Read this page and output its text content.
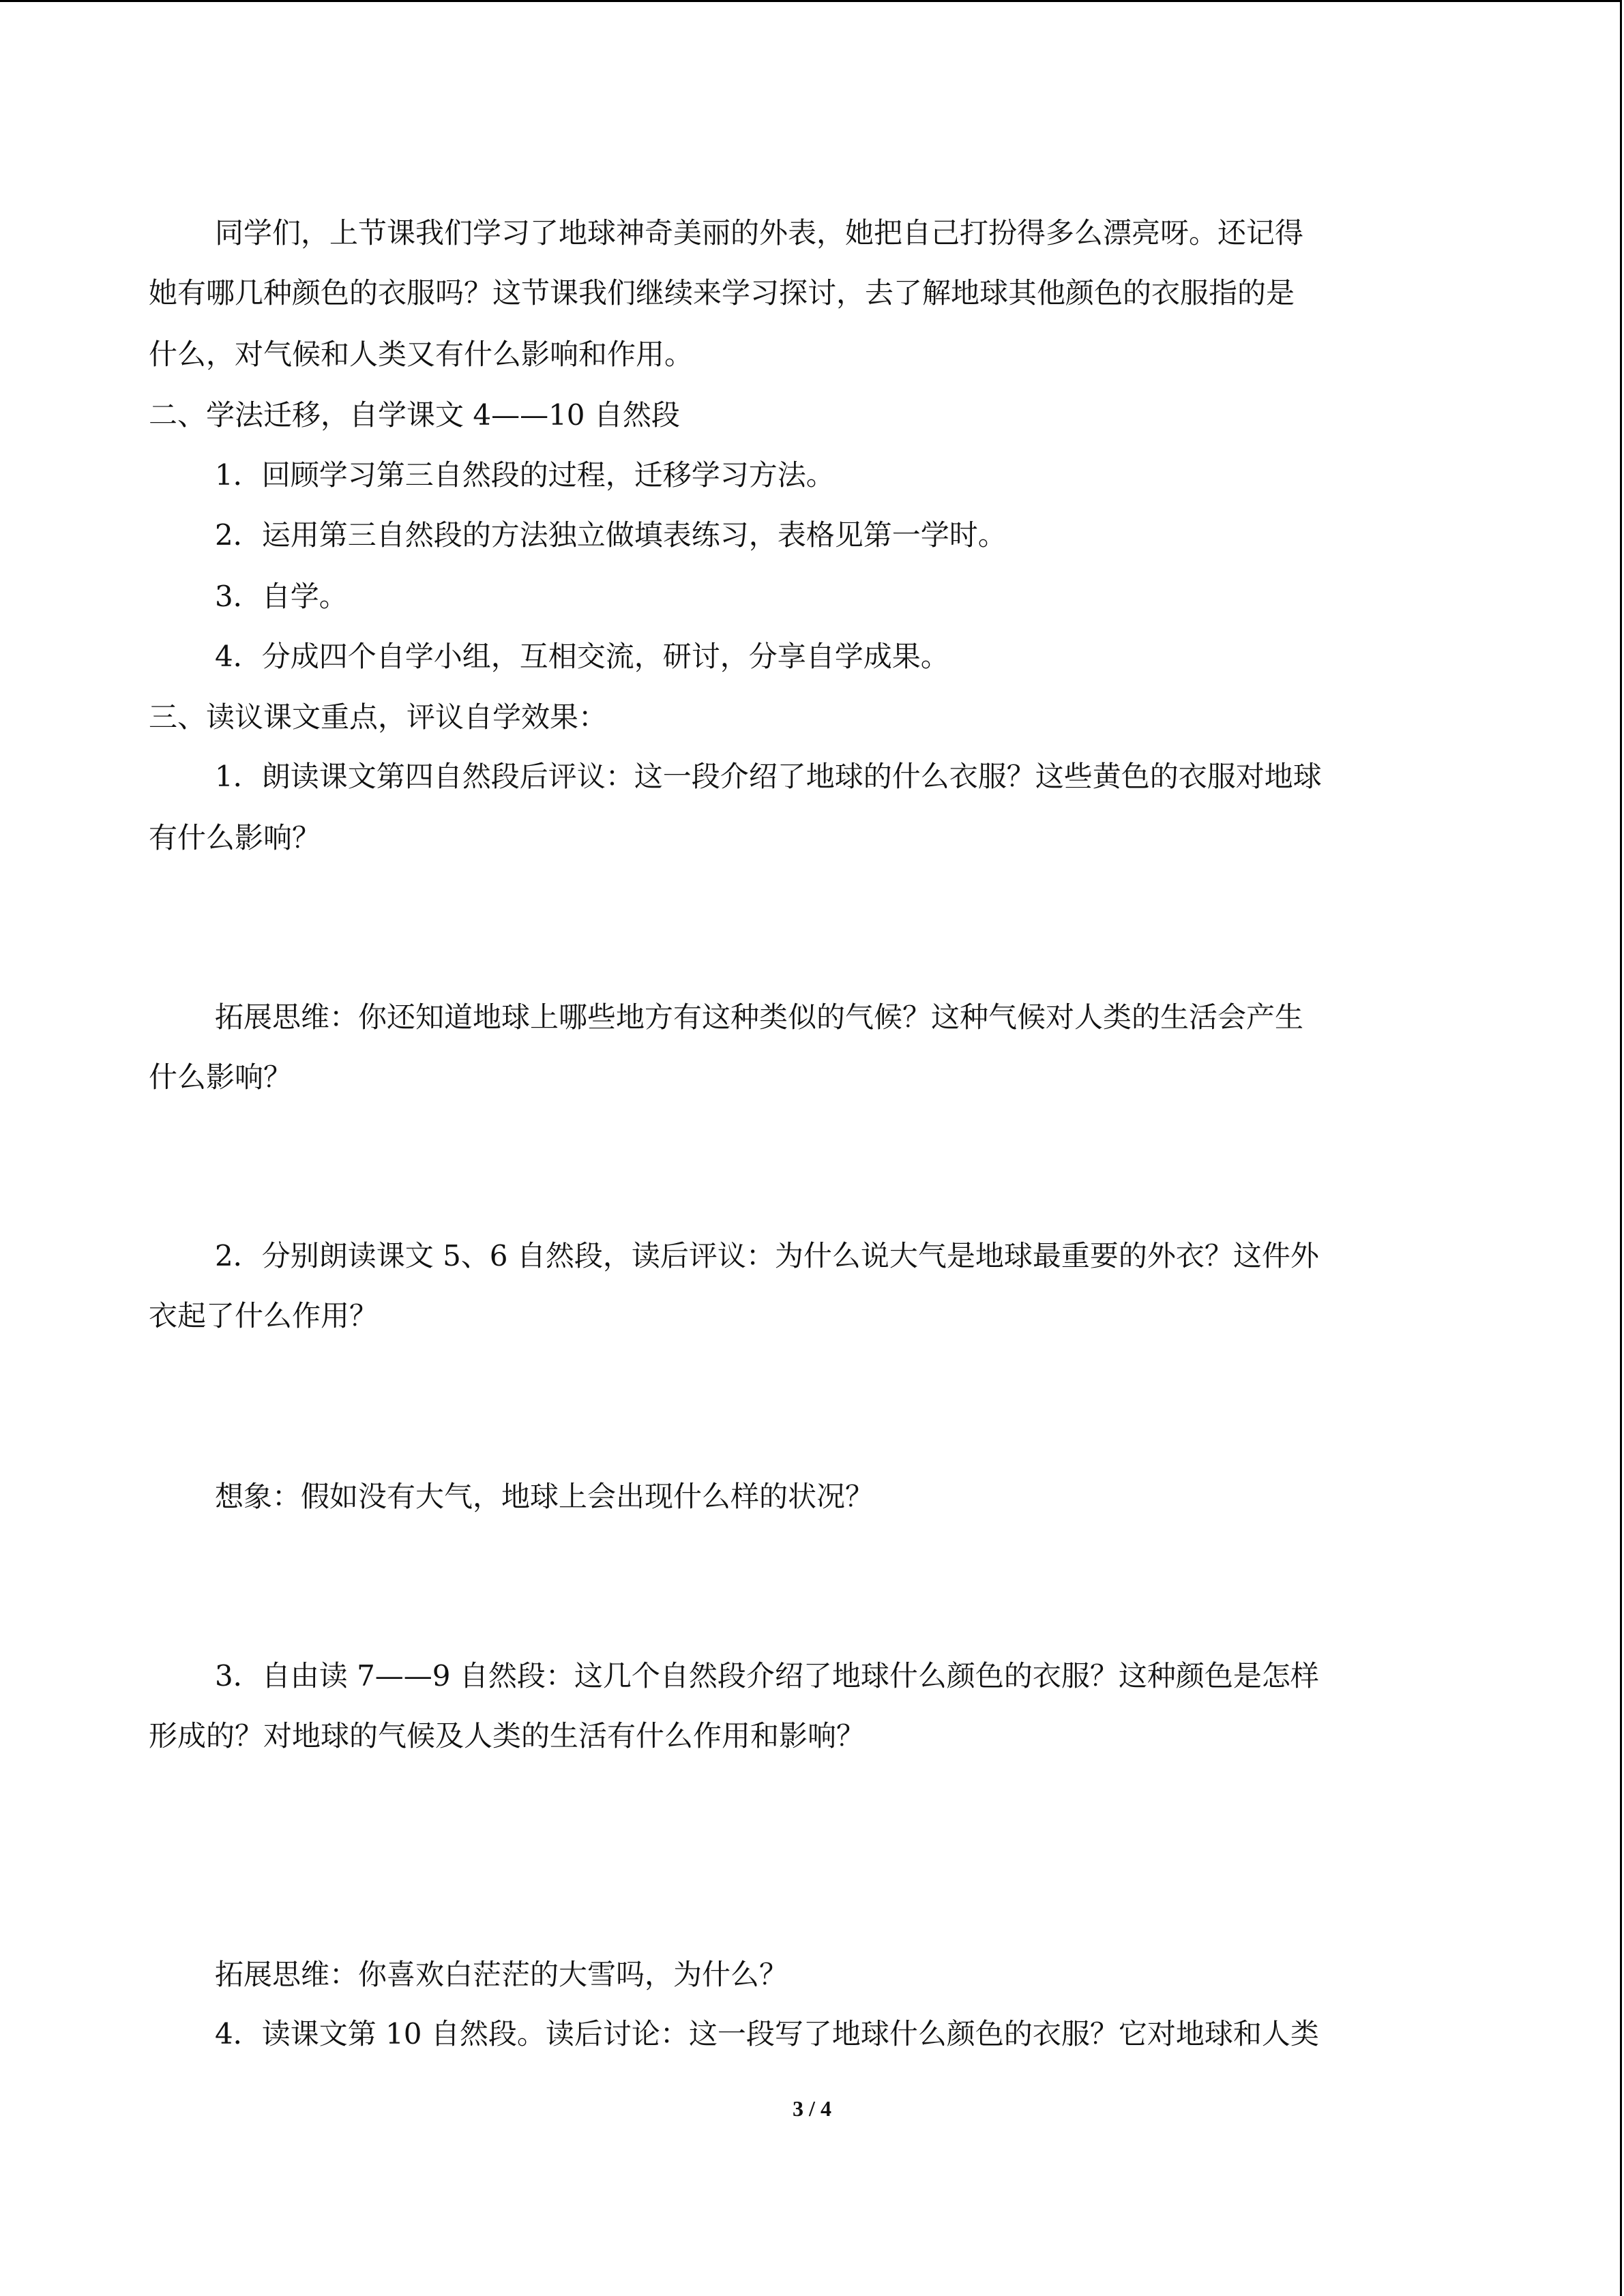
同学们，上节课我们学习了地球神奇美丽的外表，她把自己打扮得多么漂亮呀。还记得

她有哪几种颜色的衣服吗？这节课我们继续来学习探讨，去了解地球其他颜色的衣服指的是

什么，对气候和人类又有什么影响和作用。

二、学法迁移，自学课文 4——10 自然段

1．回顾学习第三自然段的过程，迁移学习方法。

2．运用第三自然段的方法独立做填表练习，表格见第一学时。

3．自学。

4．分成四个自学小组，互相交流，研讨，分享自学成果。

三、读议课文重点，评议自学效果：

1．朗读课文第四自然段后评议：这一段介绍了地球的什么衣服？这些黄色的衣服对地球

有什么影响？

拓展思维：你还知道地球上哪些地方有这种类似的气候？这种气候对人类的生活会产生

什么影响？

2．分别朗读课文 5、6 自然段，读后评议：为什么说大气是地球最重要的外衣？这件外

衣起了什么作用？

想象：假如没有大气，地球上会出现什么样的状况？

3．自由读 7——9 自然段：这几个自然段介绍了地球什么颜色的衣服？这种颜色是怎样

形成的？对地球的气候及人类的生活有什么作用和影响？

拓展思维：你喜欢白茫茫的大雪吗，为什么？

4．读课文第 10 自然段。读后讨论：这一段写了地球什么颜色的衣服？它对地球和人类

3 / 4
